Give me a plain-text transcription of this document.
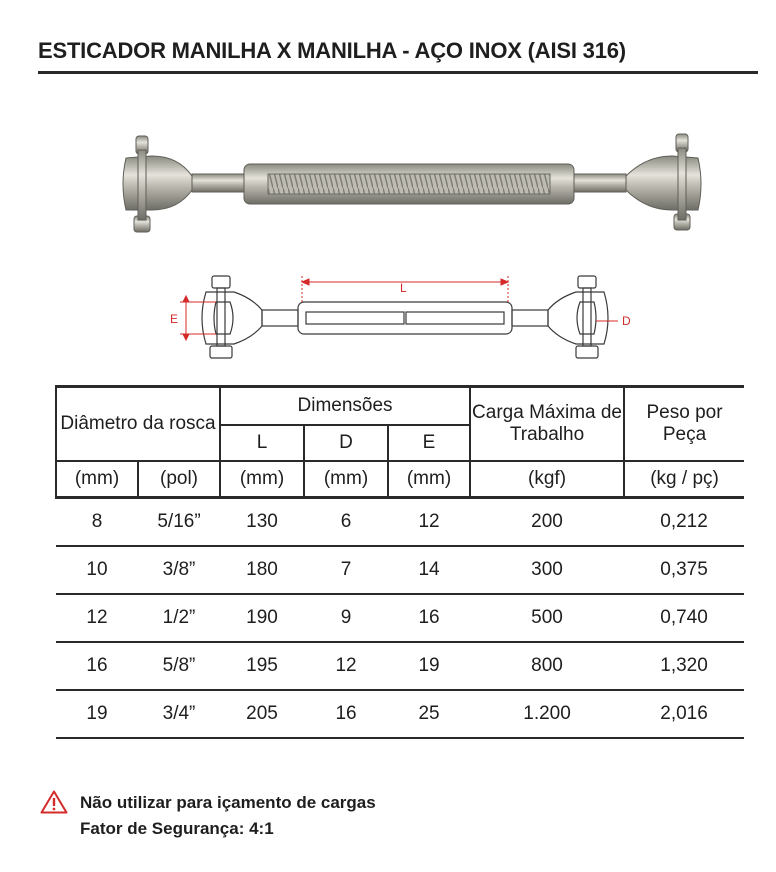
ESTICADOR MANILHA X MANILHA - AÇO INOX (AISI 316)
L
E	D
Diâmetro da rosca		Dimensões			Carga Máxima de Trabalho	Peso por Peça
		L	D	E		
(mm)	(pol)	(mm)	(mm)	(mm)	(kgf)	(kg / pç)
8	5/16”	130	6	12	200	0,212
10	3/8”	180	7	14	300	0,375
12	1/2”	190	9	16	500	0,740
16	5/8”	195	12	19	800	1,320
19	3/4”	205	16	25	1.200	2,016
Não utilizar para içamento de cargas
Fator de Segurança: 4:1
